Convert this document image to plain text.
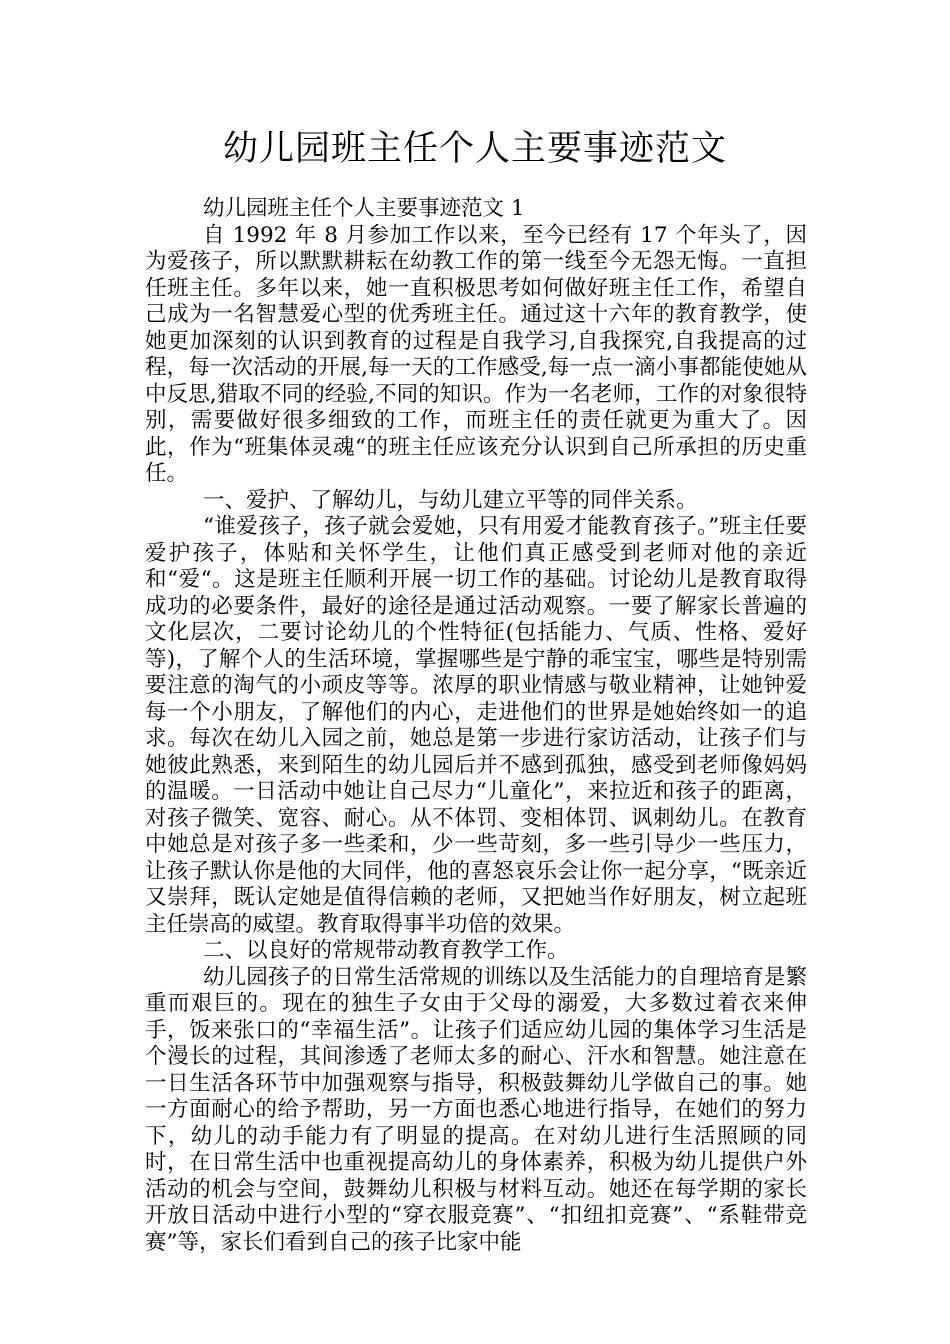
幼儿园班主任个人主要事迹范文

幼儿园班主任个人主要事迹范文 1

自 1992 年 8 月参加工作以来，至今已经有 17 个年头了，因为爱孩子，所以默默耕耘在幼教工作的第一线至今无怨无悔。一直担任班主任。多年以来，她一直积极思考如何做好班主任工作，希望自己成为一名智慧爱心型的优秀班主任。通过这十六年的教育教学，使她更加深刻的认识到教育的过程是自我学习,自我探究,自我提高的过程，每一次活动的开展,每一天的工作感受,每一点一滴小事都能使她从中反思,猎取不同的经验,不同的知识。作为一名老师，工作的对象很特别，需要做好很多细致的工作，而班主任的责任就更为重大了。因此，作为“班集体灵魂“的班主任应该充分认识到自己所承担的历史重任。

一、爱护、了解幼儿，与幼儿建立平等的同伴关系。

“谁爱孩子，孩子就会爱她，只有用爱才能教育孩子。”班主任要爱护孩子，体贴和关怀学生，让他们真正感受到老师对他的亲近和“爱“。这是班主任顺利开展一切工作的基础。讨论幼儿是教育取得成功的必要条件，最好的途径是通过活动观察。一要了解家长普遍的文化层次，二要讨论幼儿的个性特征(包括能力、气质、性格、爱好等)，了解个人的生活环境，掌握哪些是宁静的乖宝宝，哪些是特别需要注意的淘气的小顽皮等等。浓厚的职业情感与敬业精神，让她钟爱每一个小朋友，了解他们的内心，走进他们的世界是她始终如一的追求。每次在幼儿入园之前，她总是第一步进行家访活动，让孩子们与她彼此熟悉，来到陌生的幼儿园后并不感到孤独，感受到老师像妈妈的温暖。一日活动中她让自己尽力“儿童化”，来拉近和孩子的距离，对孩子微笑、宽容、耐心。从不体罚、变相体罚、讽刺幼儿。在教育中她总是对孩子多一些柔和，少一些苛刻，多一些引导少一些压力，让孩子默认你是他的大同伴，他的喜怒哀乐会让你一起分享，“既亲近又崇拜，既认定她是值得信赖的老师，又把她当作好朋友，树立起班主任崇高的威望。教育取得事半功倍的效果。

二、以良好的常规带动教育教学工作。

幼儿园孩子的日常生活常规的训练以及生活能力的自理培育是繁重而艰巨的。现在的独生子女由于父母的溺爱，大多数过着衣来伸手，饭来张口的“幸福生活”。让孩子们适应幼儿园的集体学习生活是个漫长的过程，其间渗透了老师太多的耐心、汗水和智慧。她注意在一日生活各环节中加强观察与指导，积极鼓舞幼儿学做自己的事。她一方面耐心的给予帮助，另一方面也悉心地进行指导，在她们的努力下，幼儿的动手能力有了明显的提高。在对幼儿进行生活照顾的同时，在日常生活中也重视提高幼儿的身体素养，积极为幼儿提供户外活动的机会与空间，鼓舞幼儿积极与材料互动。她还在每学期的家长开放日活动中进行小型的“穿衣服竞赛”、“扣纽扣竞赛”、“系鞋带竞赛”等，家长们看到自己的孩子比家中能
